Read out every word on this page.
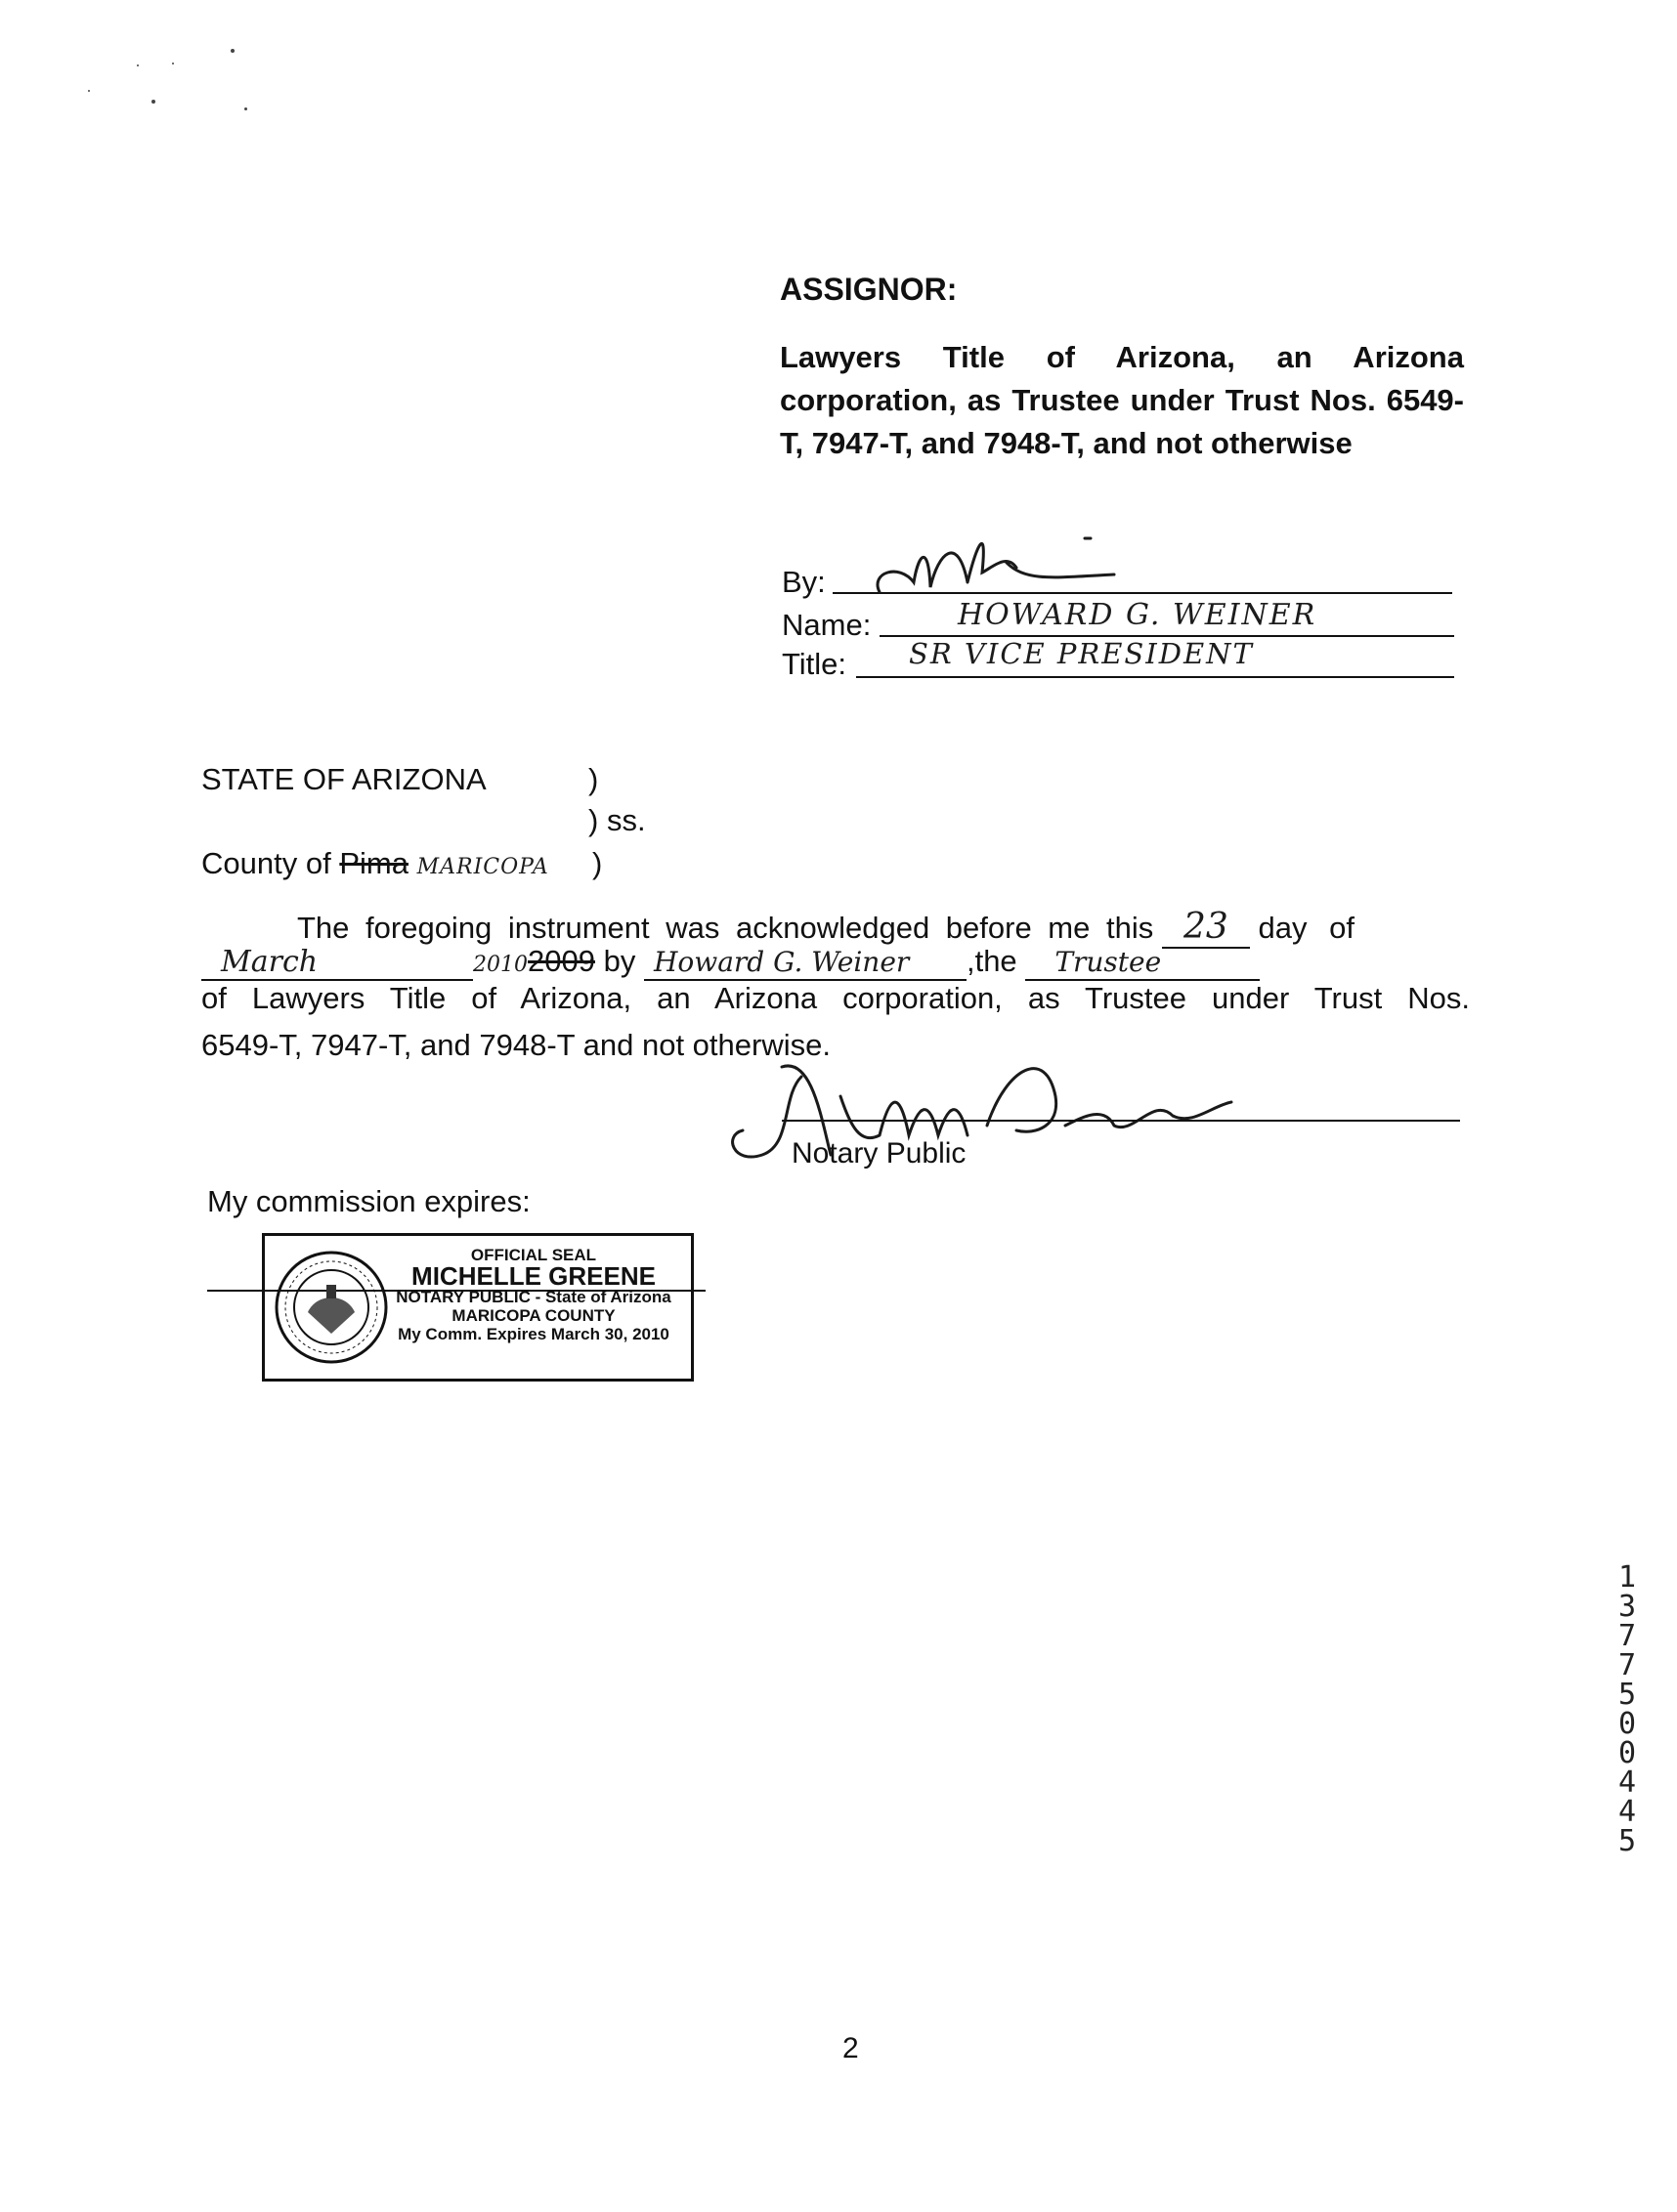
ASSIGNOR:
Lawyers Title of Arizona, an Arizona corporation, as Trustee under Trust Nos. 6549-T, 7947-T, and 7948-T, and not otherwise
By:
Name:	HOWARD G. WEINER
Title: SR VICE PRESIDENT
STATE OF ARIZONA	)
) ss.
County of Pima MARICOPA )
The foregoing instrument was acknowledged before me this 23 day of
March	20102009 by Howard G. Weiner ,the Trustee
of Lawyers Title of Arizona, an Arizona corporation, as Trustee under Trust Nos.
6549-T, 7947-T, and 7948-T and not otherwise.
Notary Public
My commission expires:
OFFICIAL SEAL
MICHELLE GREENE
NOTARY PUBLIC - State of Arizona
MARICOPA COUNTY
My Comm. Expires March 30, 2010
2
13775 00445
